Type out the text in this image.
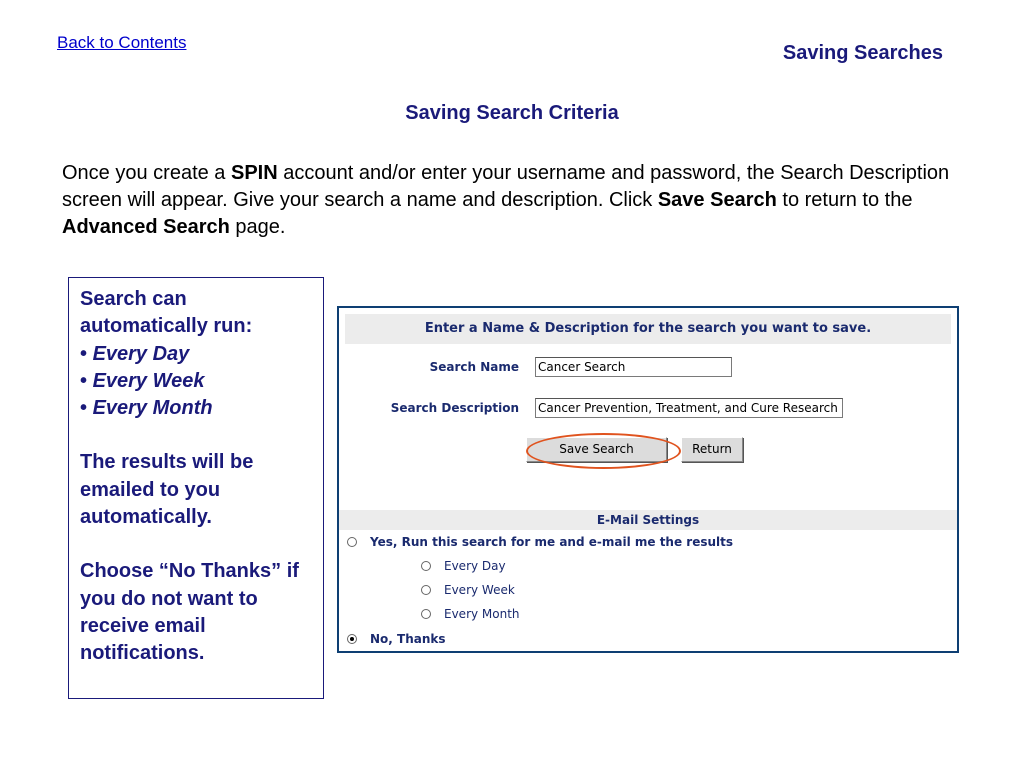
Back to Contents	Saving Searches
Saving Search Criteria
Once you create a SPIN account and/or enter your username and password, the Search Description screen will appear. Give your search a name and description. Click Save Search to return to the Advanced Search page.

Search can automatically run:

• Every Day

• Every Week

• Every Month

The results will be emailed to you automatically.

Choose “No Thanks” if you do not want to receive email notifications.

Enter a Name & Description for the search you want to save.
Search Name Cancer Search
Search Description Cancer Prevention, Treatment, and Cure Research
Save Search	Return
E-Mail Settings
Yes, Run this search for me and e-mail me the results
Every Day
Every Week
Every Month
No, Thanks
